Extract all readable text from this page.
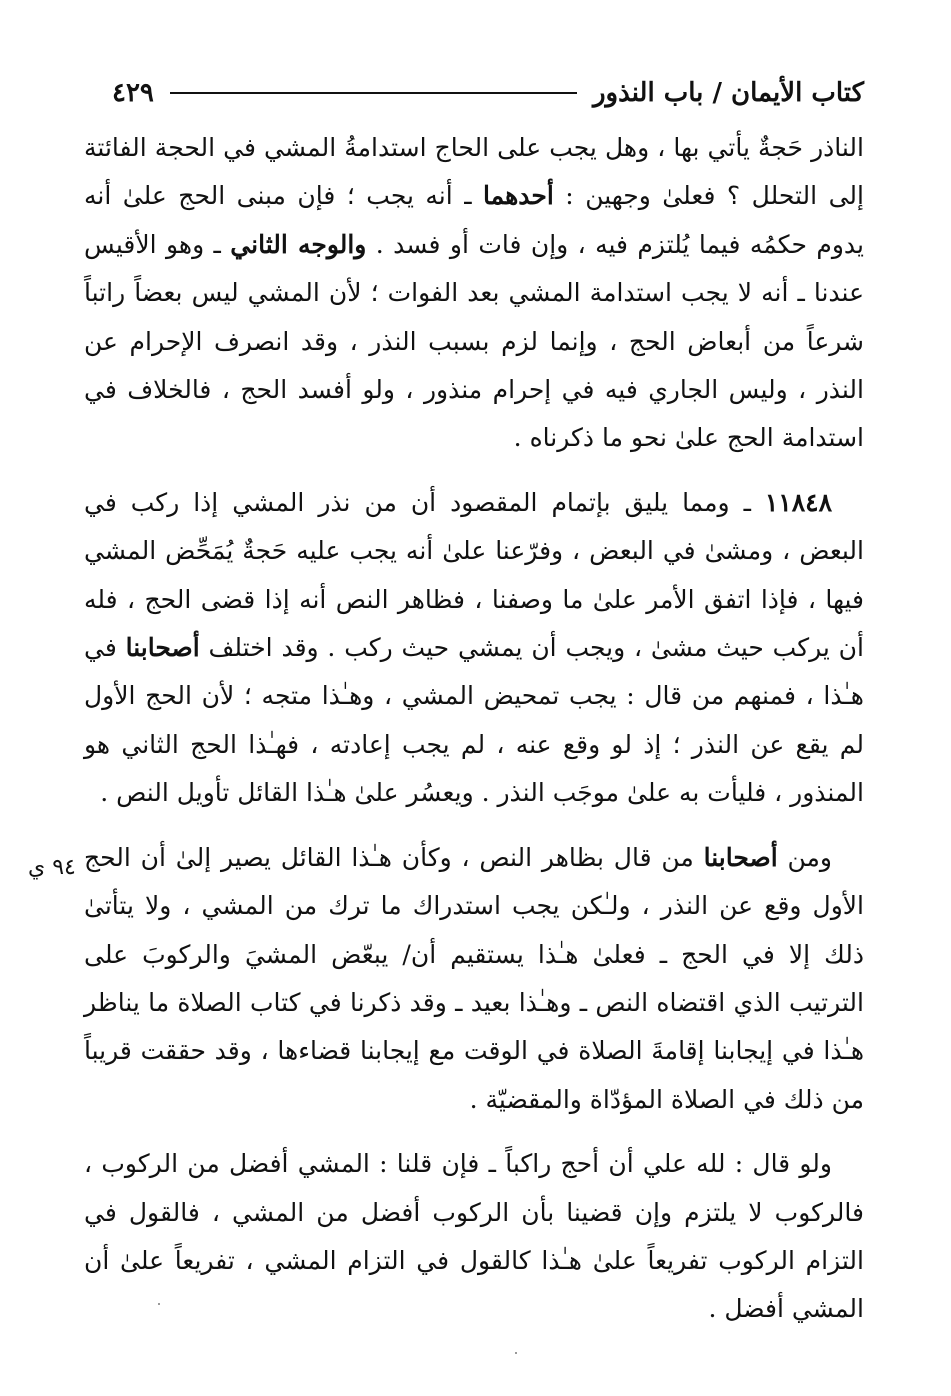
كتاب الأيمان / باب النذور
٤٢٩
٩٤ ي

الناذر حَجةٌ يأتي بها ، وهل يجب على الحاج استدامةُ المشي في الحجة الفائتة إلى التحلل ؟ فعلىٰ وجهين : أحدهما ـ أنه يجب ؛ فإن مبنى الحج علىٰ أنه يدوم حكمُه فيما يُلتزم فيه ، وإن فات أو فسد . والوجه الثاني ـ وهو الأقيس عندنا ـ أنه لا يجب استدامة المشي بعد الفوات ؛ لأن المشي ليس بعضاً راتباً شرعاً من أبعاض الحج ، وإنما لزم بسبب النذر ، وقد انصرف الإحرام عن النذر ، وليس الجاري فيه في إحرام منذور ، ولو أفسد الحج ، فالخلاف في استدامة الحج علىٰ نحو ما ذكرناه .

١١٨٤٨ ـ ومما يليق بإتمام المقصود أن من نذر المشي إذا ركب في البعض ، ومشىٰ في البعض ، وفرّعنا علىٰ أنه يجب عليه حَجةٌ يُمَحِّض المشي فيها ، فإذا اتفق الأمر علىٰ ما وصفنا ، فظاهر النص أنه إذا قضى الحج ، فله أن يركب حيث مشىٰ ، ويجب أن يمشي حيث ركب . وقد اختلف أصحابنا في هـٰذا ، فمنهم من قال : يجب تمحيض المشي ، وهـٰذا متجه ؛ لأن الحج الأول لم يقع عن النذر ؛ إذ لو وقع عنه ، لم يجب إعادته ، فهـٰذا الحج الثاني هو المنذور ، فليأت به علىٰ موجَب النذر . ويعسُر علىٰ هـٰذا القائل تأويل النص .

ومن أصحابنا من قال بظاهر النص ، وكأن هـٰذا القائل يصير إلىٰ أن الحج الأول وقع عن النذر ، ولـٰكن يجب استدراك ما ترك من المشي ، ولا يتأتىٰ ذلك إلا في الحج ـ فعلىٰ هـٰذا يستقيم أن/ يبعّض المشيَ والركوبَ على الترتيب الذي اقتضاه النص ـ وهـٰذا بعيد ـ وقد ذكرنا في كتاب الصلاة ما يناظر هـٰذا في إيجابنا إقامةَ الصلاة في الوقت مع إيجابنا قضاءها ، وقد حققت قريباً من ذلك في الصلاة المؤدّاة والمقضيّة .

ولو قال : لله علي أن أحج راكباً ـ فإن قلنا : المشي أفضل من الركوب ، فالركوب لا يلتزم وإن قضينا بأن الركوب أفضل من المشي ، فالقول في التزام الركوب تفريعاً علىٰ هـٰذا كالقول في التزام المشي ، تفريعاً علىٰ أن المشي أفضل .
